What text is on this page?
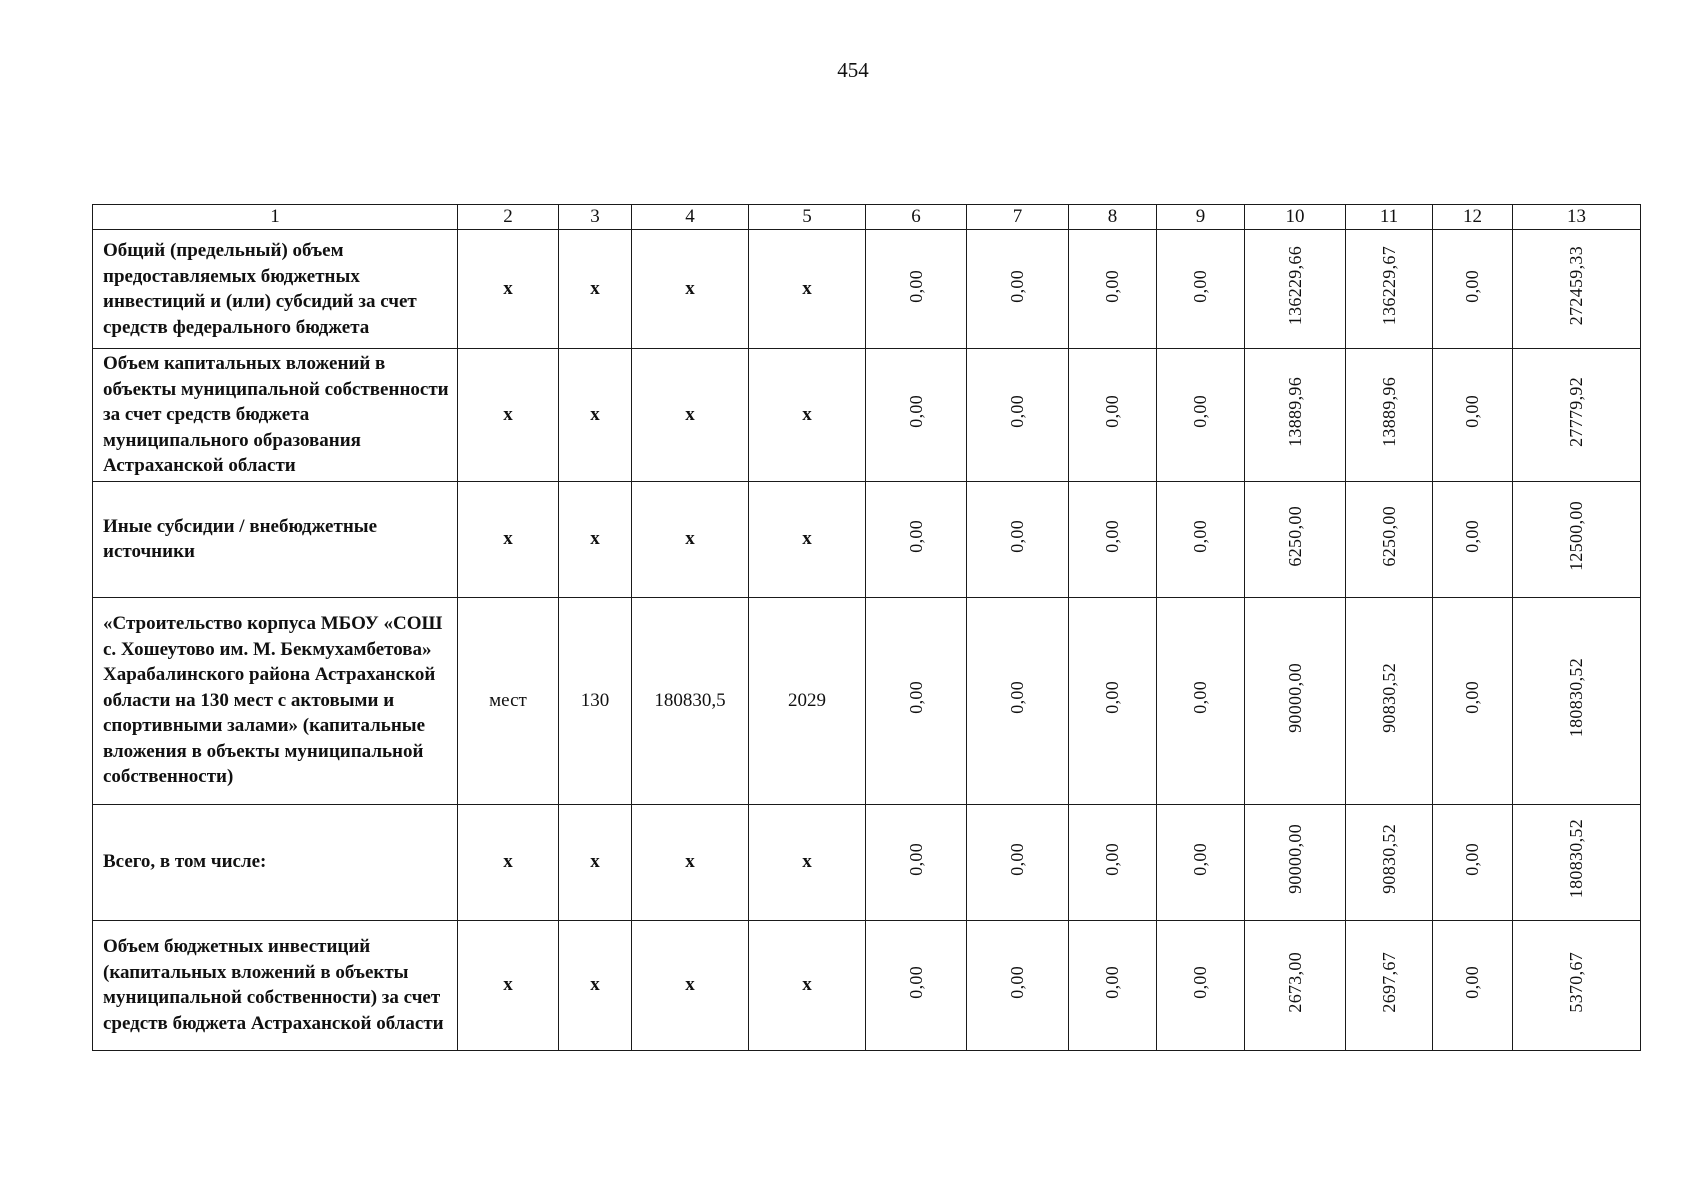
454
1	2	3	4	5	6	7	8	9	10	11	12	13
Общий (предельный) объем предоставляемых бюджетных инвестиций и (или) субсидий за счет средств федерального бюджета	x	x	x	x	0,00	0,00	0,00	0,00	136229,66	136229,67	0,00	272459,33
Объем капитальных вложений в объекты муниципальной собственности за счет средств бюджета муниципального образования Астраханской области	x	x	x	x	0,00	0,00	0,00	0,00	13889,96	13889,96	0,00	27779,92
Иные субсидии / внебюджетные источники	x	x	x	x	0,00	0,00	0,00	0,00	6250,00	6250,00	0,00	12500,00
«Строительство корпуса МБОУ «СОШ с. Хошеутово им. М. Бекмухамбетова» Харабалинского района Астраханской области на 130 мест с актовыми и спортивными залами» (капитальные вложения в объекты муниципальной собственности)	мест	130	180830,5	2029	0,00	0,00	0,00	0,00	90000,00	90830,52	0,00	180830,52
Всего, в том числе:	x	x	x	x	0,00	0,00	0,00	0,00	90000,00	90830,52	0,00	180830,52
Объем бюджетных инвестиций (капитальных вложений в объекты муниципальной собственности) за счет средств бюджета Астраханской области	x	x	x	x	0,00	0,00	0,00	0,00	2673,00	2697,67	0,00	5370,67
